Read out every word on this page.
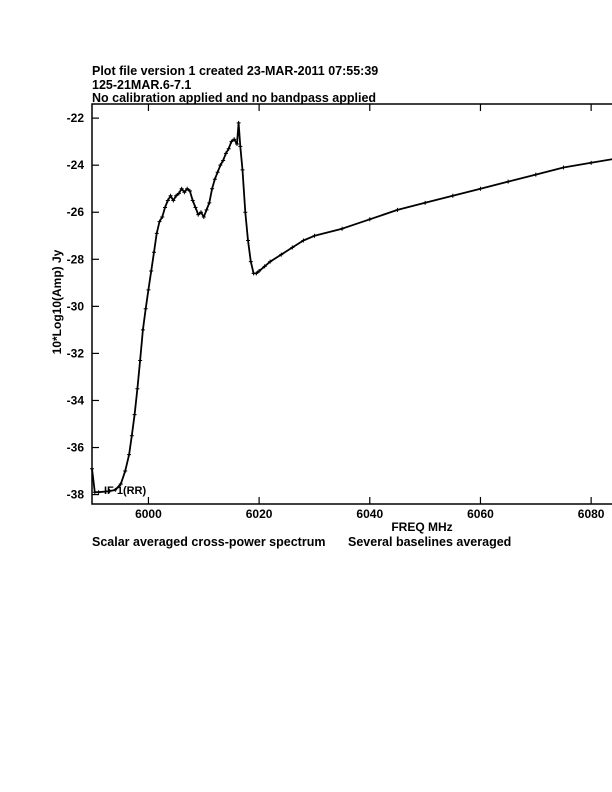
Plot file version 1 created 23-MAR-2011 07:55:39
125-21MAR.6-7.1
No calibration applied and no bandpass applied
6000	6020	6040	6060	6080
-22
-24
-26
-28
-30
-32
-34
-36
-38
FREQ MHz
10*Log10(Amp) Jy
IF 1(RR)
Scalar averaged cross-power spectrum Several baselines averaged
